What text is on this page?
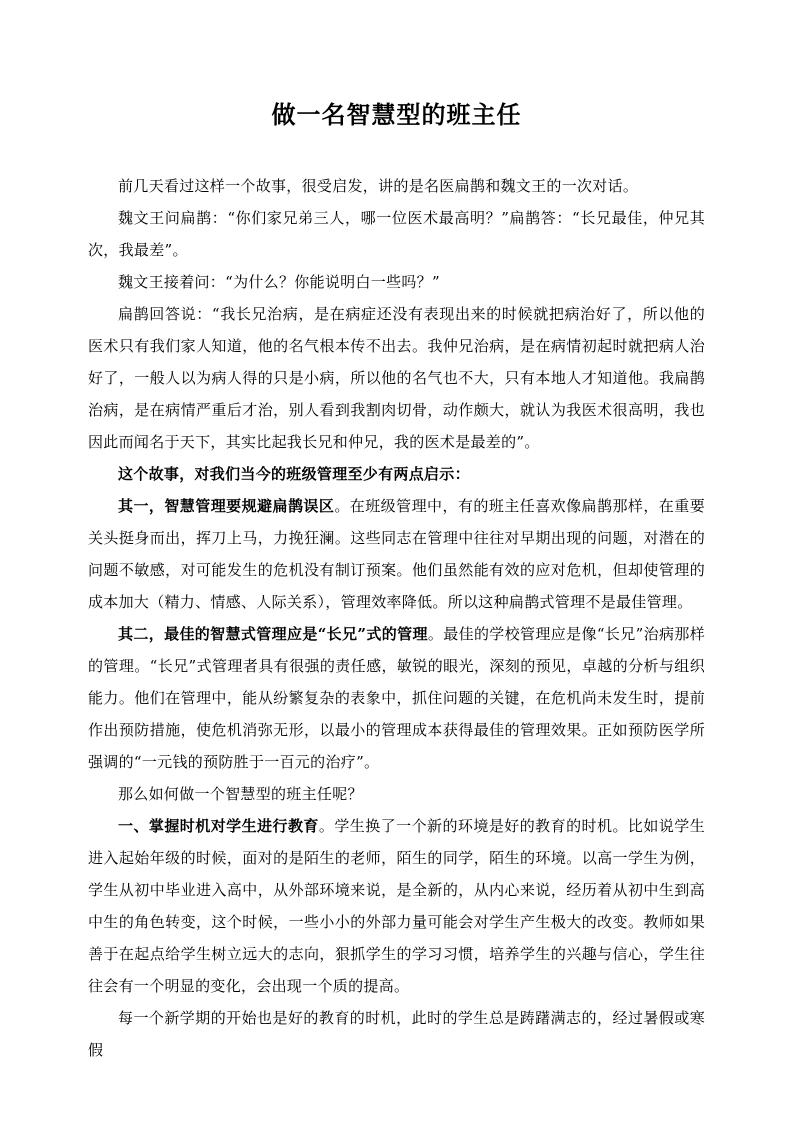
做一名智慧型的班主任

前几天看过这样一个故事，很受启发，讲的是名医扁鹊和魏文王的一次对话。

魏文王问扁鹊：“你们家兄弟三人，哪一位医术最高明？”扁鹊答：“长兄最佳，仲兄其次，我最差”。

魏文王接着问：“为什么？你能说明白一些吗？”

扁鹊回答说：“我长兄治病，是在病症还没有表现出来的时候就把病治好了，所以他的医术只有我们家人知道，他的名气根本传不出去。我仲兄治病，是在病情初起时就把病人治好了，一般人以为病人得的只是小病，所以他的名气也不大，只有本地人才知道他。我扁鹊治病，是在病情严重后才治，别人看到我割肉切骨，动作颇大，就认为我医术很高明，我也因此而闻名于天下，其实比起我长兄和仲兄，我的医术是最差的”。

这个故事，对我们当今的班级管理至少有两点启示：

其一，智慧管理要规避扁鹊误区。在班级管理中，有的班主任喜欢像扁鹊那样，在重要关头挺身而出，挥刀上马，力挽狂澜。这些同志在管理中往往对早期出现的问题，对潜在的问题不敏感，对可能发生的危机没有制订预案。他们虽然能有效的应对危机，但却使管理的成本加大（精力、情感、人际关系），管理效率降低。所以这种扁鹊式管理不是最佳管理。

其二，最佳的智慧式管理应是“长兄”式的管理。最佳的学校管理应是像“长兄”治病那样的管理。“长兄”式管理者具有很强的责任感，敏锐的眼光，深刻的预见，卓越的分析与组织能力。他们在管理中，能从纷繁复杂的表象中，抓住问题的关键，在危机尚未发生时，提前作出预防措施，使危机消弥无形，以最小的管理成本获得最佳的管理效果。正如预防医学所强调的“一元钱的预防胜于一百元的治疗”。

那么如何做一个智慧型的班主任呢？

一、掌握时机对学生进行教育。学生换了一个新的环境是好的教育的时机。比如说学生进入起始年级的时候，面对的是陌生的老师，陌生的同学，陌生的环境。以高一学生为例，学生从初中毕业进入高中，从外部环境来说，是全新的，从内心来说，经历着从初中生到高中生的角色转变，这个时候，一些小小的外部力量可能会对学生产生极大的改变。教师如果善于在起点给学生树立远大的志向，狠抓学生的学习习惯，培养学生的兴趣与信心，学生往往会有一个明显的变化，会出现一个质的提高。

每一个新学期的开始也是好的教育的时机，此时的学生总是踌躇满志的，经过暑假或寒假
